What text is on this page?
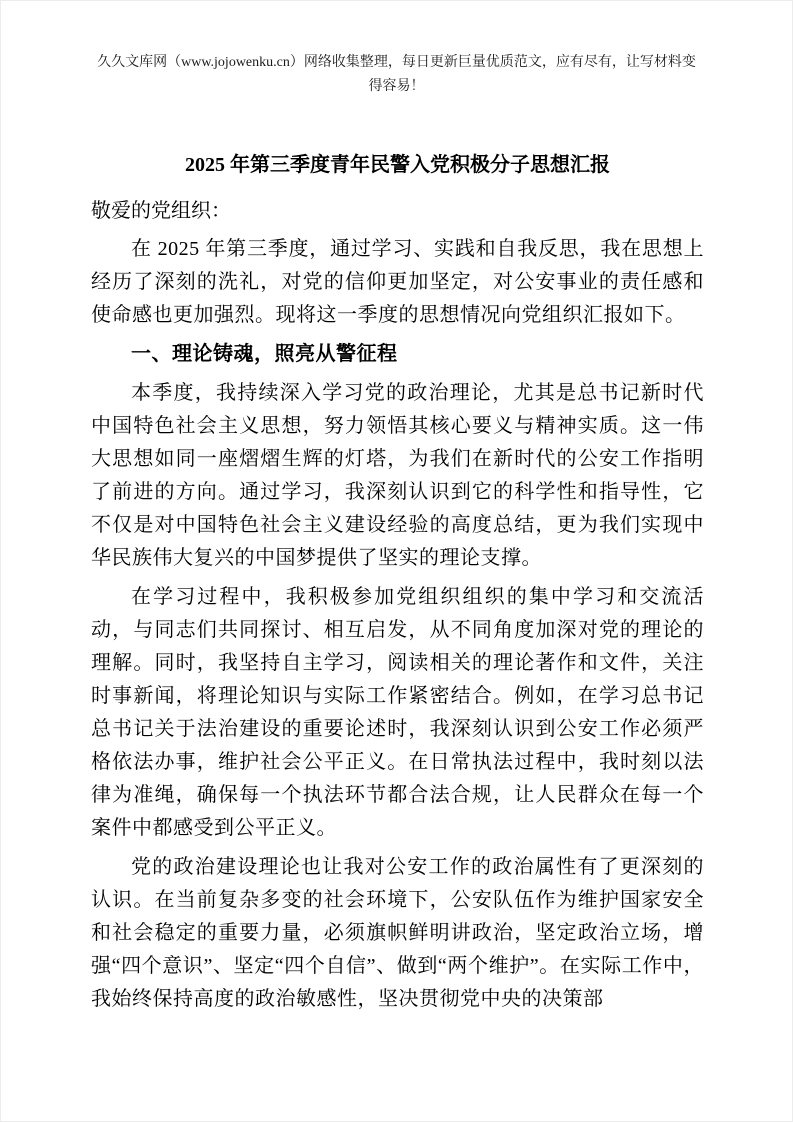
久久文库网（www.jojowenku.cn）网络收集整理，每日更新巨量优质范文，应有尽有，让写材料变得容易！

2025 年第三季度青年民警入党积极分子思想汇报

敬爱的党组织：

在 2025 年第三季度，通过学习、实践和自我反思，我在思想上经历了深刻的洗礼，对党的信仰更加坚定，对公安事业的责任感和使命感也更加强烈。现将这一季度的思想情况向党组织汇报如下。

一、理论铸魂，照亮从警征程

本季度，我持续深入学习党的政治理论，尤其是总书记新时代中国特色社会主义思想，努力领悟其核心要义与精神实质。这一伟大思想如同一座熠熠生辉的灯塔，为我们在新时代的公安工作指明了前进的方向。通过学习，我深刻认识到它的科学性和指导性，它不仅是对中国特色社会主义建设经验的高度总结，更为我们实现中华民族伟大复兴的中国梦提供了坚实的理论支撑。

在学习过程中，我积极参加党组织组织的集中学习和交流活动，与同志们共同探讨、相互启发，从不同角度加深对党的理论的理解。同时，我坚持自主学习，阅读相关的理论著作和文件，关注时事新闻，将理论知识与实际工作紧密结合。例如，在学习总书记总书记关于法治建设的重要论述时，我深刻认识到公安工作必须严格依法办事，维护社会公平正义。在日常执法过程中，我时刻以法律为准绳，确保每一个执法环节都合法合规，让人民群众在每一个案件中都感受到公平正义。

党的政治建设理论也让我对公安工作的政治属性有了更深刻的认识。在当前复杂多变的社会环境下，公安队伍作为维护国家安全和社会稳定的重要力量，必须旗帜鲜明讲政治，坚定政治立场，增强“四个意识”、坚定“四个自信”、做到“两个维护”。在实际工作中，我始终保持高度的政治敏感性，坚决贯彻党中央的决策部
